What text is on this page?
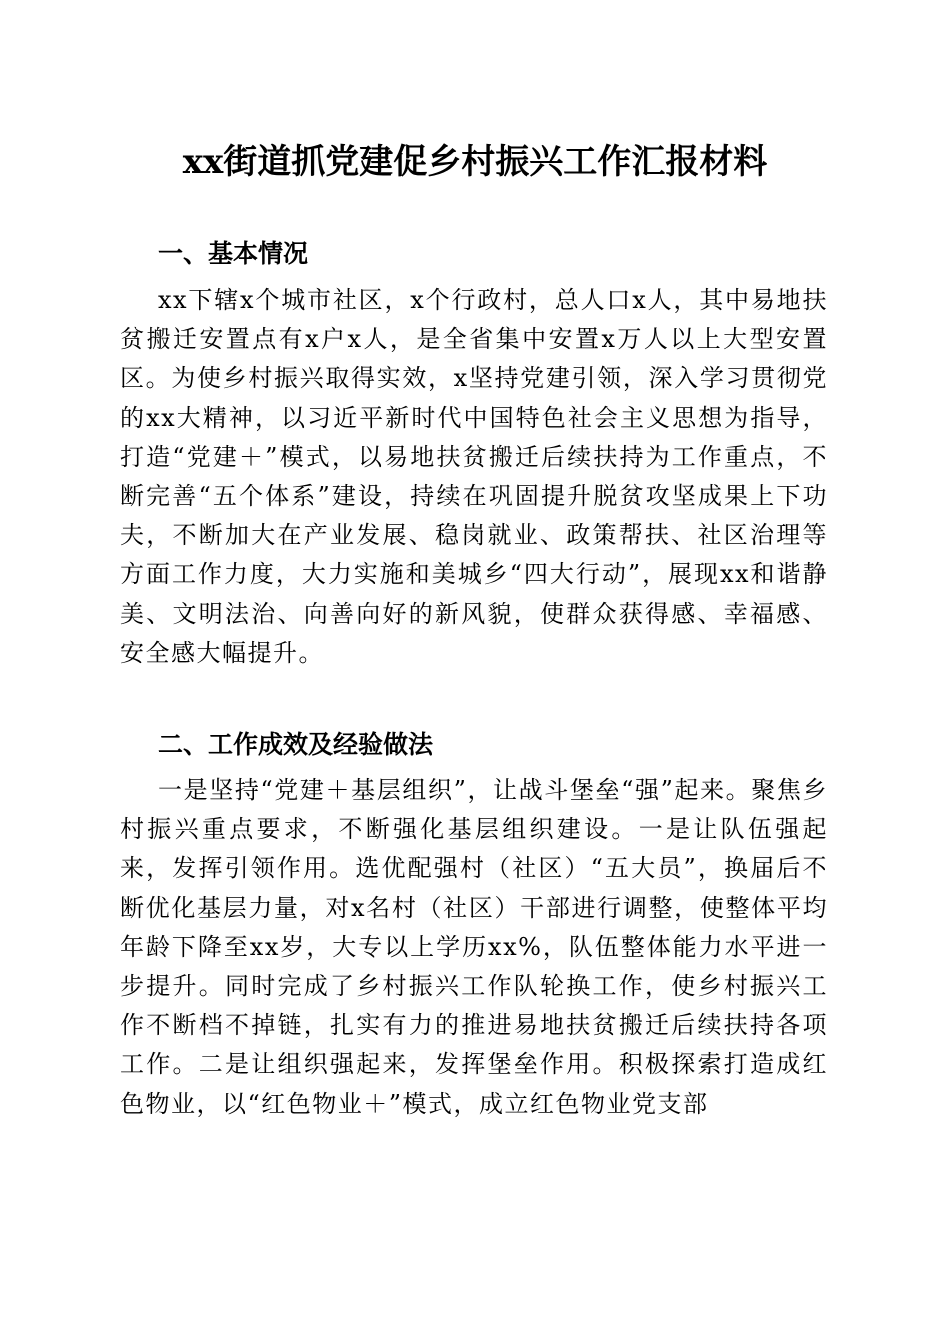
xx街道抓党建促乡村振兴工作汇报材料
一、基本情况
xx下辖x个城市社区，x个行政村，总人口x人，其中易地扶贫搬迁安置点有x户x人，是全省集中安置x万人以上大型安置区。为使乡村振兴取得实效，x坚持党建引领，深入学习贯彻党的xx大精神，以习近平新时代中国特色社会主义思想为指导，打造“党建＋”模式，以易地扶贫搬迁后续扶持为工作重点，不断完善“五个体系”建设，持续在巩固提升脱贫攻坚成果上下功夫，不断加大在产业发展、稳岗就业、政策帮扶、社区治理等方面工作力度，大力实施和美城乡“四大行动”，展现xx和谐静美、文明法治、向善向好的新风貌，使群众获得感、幸福感、安全感大幅提升。
二、工作成效及经验做法
一是坚持“党建＋基层组织”，让战斗堡垒“强”起来。聚焦乡村振兴重点要求，不断强化基层组织建设。一是让队伍强起来，发挥引领作用。选优配强村（社区）“五大员”，换届后不断优化基层力量，对x名村（社区）干部进行调整，使整体平均年龄下降至xx岁，大专以上学历xx%，队伍整体能力水平进一步提升。同时完成了乡村振兴工作队轮换工作，使乡村振兴工作不断档不掉链，扎实有力的推进易地扶贫搬迁后续扶持各项工作。二是让组织强起来，发挥堡垒作用。积极探索打造成红色物业，以“红色物业＋”模式，成立红色物业党支部
